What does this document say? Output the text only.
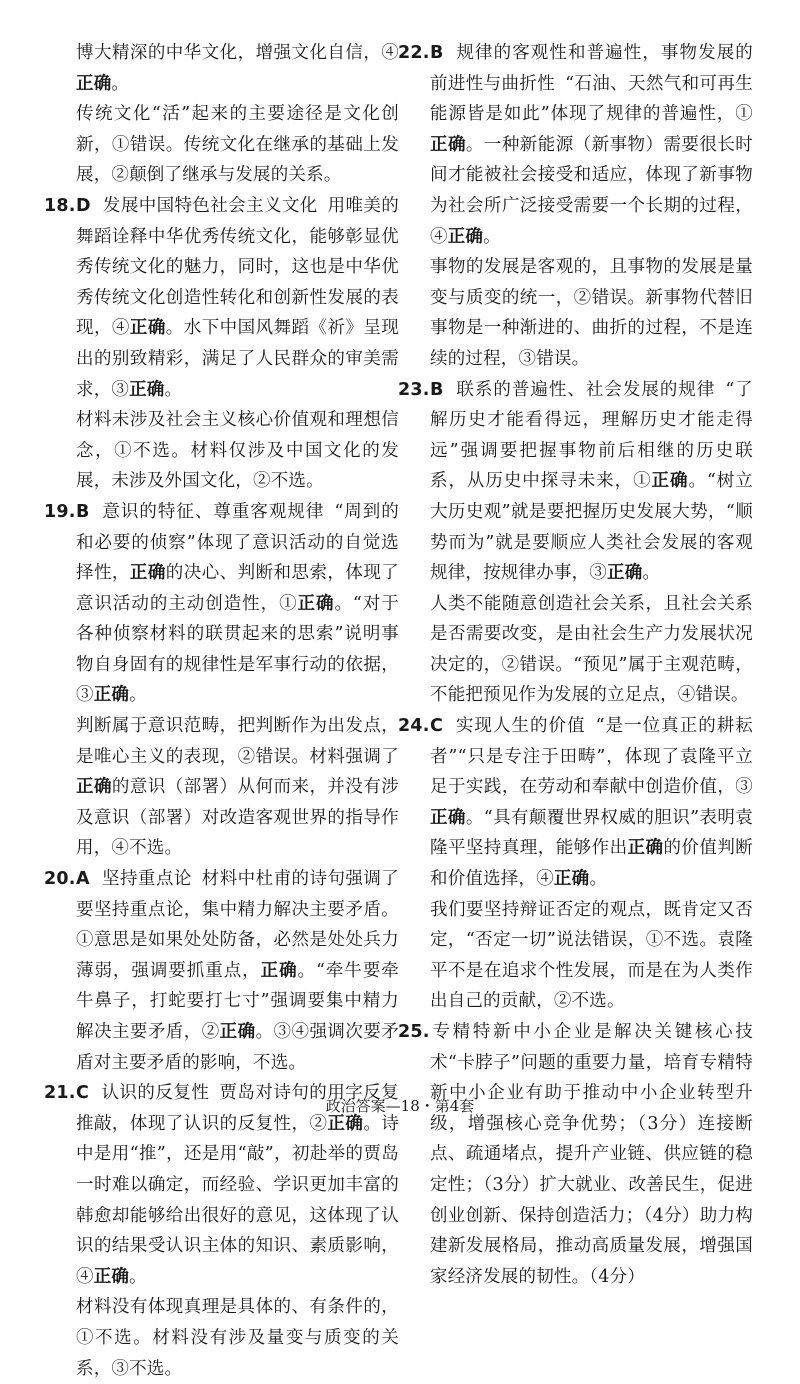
博大精深的中华文化，增强文化自信，④正确。

传统文化“活”起来的主要途径是文化创新，①错误。传统文化在继承的基础上发展，②颠倒了继承与发展的关系。

18.D 发展中国特色社会主义文化 用唯美的舞蹈诠释中华优秀传统文化，能够彰显优秀传统文化的魅力，同时，这也是中华优秀传统文化创造性转化和创新性发展的表现，④正确。水下中国风舞蹈《祈》呈现出的别致精彩，满足了人民群众的审美需求，③正确。

材料未涉及社会主义核心价值观和理想信念，①不选。材料仅涉及中国文化的发展，未涉及外国文化，②不选。

19.B 意识的特征、尊重客观规律 “周到的和必要的侦察”体现了意识活动的自觉选择性，正确的决心、判断和思索，体现了意识活动的主动创造性，①正确。“对于各种侦察材料的联贯起来的思索”说明事物自身固有的规律性是军事行动的依据，③正确。

判断属于意识范畴，把判断作为出发点，是唯心主义的表现，②错误。材料强调了正确的意识（部署）从何而来，并没有涉及意识（部署）对改造客观世界的指导作用，④不选。

20.A 坚持重点论 材料中杜甫的诗句强调了要坚持重点论，集中精力解决主要矛盾。①意思是如果处处防备，必然是处处兵力薄弱，强调要抓重点，正确。“牵牛要牵牛鼻子，打蛇要打七寸”强调要集中精力解决主要矛盾，②正确。③④强调次要矛盾对主要矛盾的影响，不选。

21.C 认识的反复性 贾岛对诗句的用字反复推敲，体现了认识的反复性，②正确。诗中是用“推”，还是用“敲”，初赴举的贾岛一时难以确定，而经验、学识更加丰富的韩愈却能够给出很好的意见，这体现了认识的结果受认识主体的知识、素质影响，④正确。

材料没有体现真理是具体的、有条件的，①不选。材料没有涉及量变与质变的关系，③不选。

22.B 规律的客观性和普遍性，事物发展的前进性与曲折性 “石油、天然气和可再生能源皆是如此”体现了规律的普遍性，①正确。一种新能源（新事物）需要很长时间才能被社会接受和适应，体现了新事物为社会所广泛接受需要一个长期的过程，④正确。

事物的发展是客观的，且事物的发展是量变与质变的统一，②错误。新事物代替旧事物是一种渐进的、曲折的过程，不是连续的过程，③错误。

23.B 联系的普遍性、社会发展的规律 “了解历史才能看得远，理解历史才能走得远”强调要把握事物前后相继的历史联系，从历史中探寻未来，①正确。“树立大历史观”就是要把握历史发展大势，“顺势而为”就是要顺应人类社会发展的客观规律，按规律办事，③正确。

人类不能随意创造社会关系，且社会关系是否需要改变，是由社会生产力发展状况决定的，②错误。“预见”属于主观范畴，不能把预见作为发展的立足点，④错误。

24.C 实现人生的价值 “是一位真正的耕耘者”“只是专注于田畴”，体现了袁隆平立足于实践，在劳动和奉献中创造价值，③正确。“具有颠覆世界权威的胆识”表明袁隆平坚持真理，能够作出正确的价值判断和价值选择，④正确。

我们要坚持辩证否定的观点，既肯定又否定，“否定一切”说法错误，①不选。袁隆平不是在追求个性发展，而是在为人类作出自己的贡献，②不选。

25.专精特新中小企业是解决关键核心技术“卡脖子”问题的重要力量，培育专精特新中小企业有助于推动中小企业转型升级，增强核心竞争优势；（3分）连接断点、疏通堵点，提升产业链、供应链的稳定性；（3分）扩大就业、改善民生，促进创业创新、保持创造活力；（4分）助力构建新发展格局，推动高质量发展，增强国家经济发展的韧性。（4分）

政治答案—18・第4套
